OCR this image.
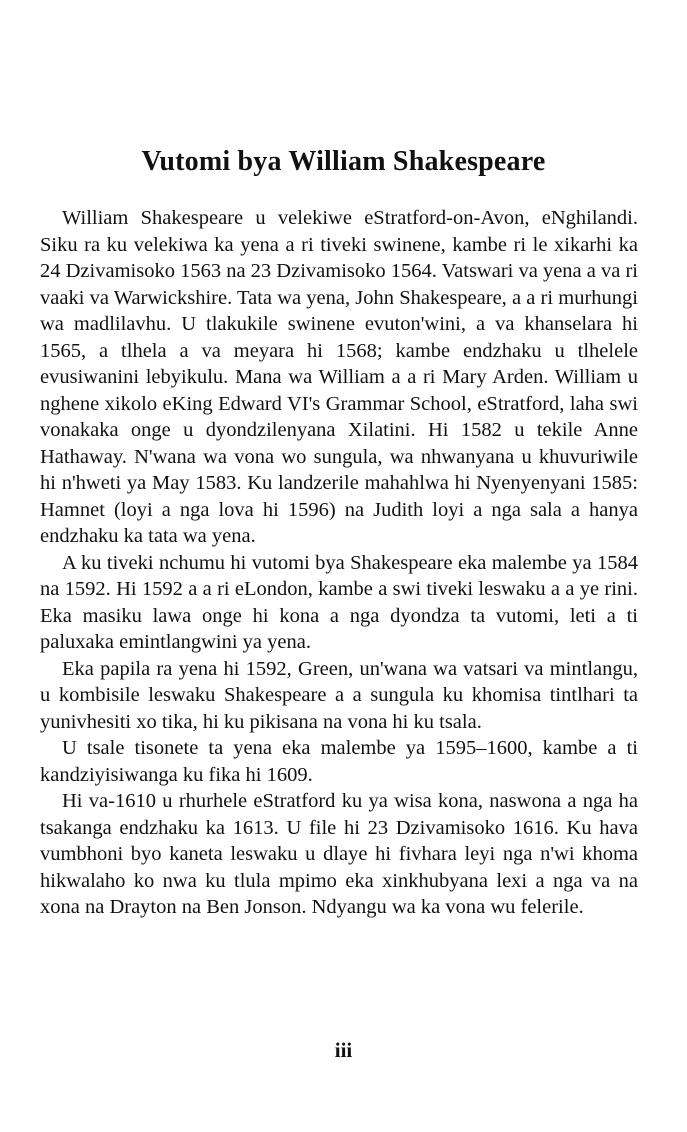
Vutomi bya William Shakespeare

William Shakespeare u velekiwe eStratford-on-Avon, eNghilandi. Siku ra ku velekiwa ka yena a ri tiveki swinene, kambe ri le xikarhi ka 24 Dzivamisoko 1563 na 23 Dzivamisoko 1564. Vatswari va yena a va ri vaaki va Warwickshire. Tata wa yena, John Shakespeare, a a ri murhungi wa madlilavhu. U tlakukile swinene evuton'wini, a va khanselara hi 1565, a tlhela a va meyara hi 1568; kambe endzhaku u tlhelele evusiwanini lebyikulu. Mana wa William a a ri Mary Arden. William u nghene xikolo eKing Edward VI's Grammar School, eStratford, laha swi vonakaka onge u dyondzilenyana Xilatini. Hi 1582 u tekile Anne Hathaway. N'wana wa vona wo sungula, wa nhwanyana u khuvuriwile hi n'hweti ya May 1583. Ku landzerile mahahlwa hi Nyenyenyani 1585: Hamnet (loyi a nga lova hi 1596) na Judith loyi a nga sala a hanya endzhaku ka tata wa yena.

A ku tiveki nchumu hi vutomi bya Shakespeare eka malembe ya 1584 na 1592. Hi 1592 a a ri eLondon, kambe a swi tiveki leswaku a a ye rini. Eka masiku lawa onge hi kona a nga dyondza ta vutomi, leti a ti paluxaka emintlangwini ya yena.

Eka papila ra yena hi 1592, Green, un'wana wa vatsari va mintlangu, u kombisile leswaku Shakespeare a a sungula ku khomisa tintlhari ta yunivhesiti xo tika, hi ku pikisana na vona hi ku tsala.

U tsale tisonete ta yena eka malembe ya 1595–1600, kambe a ti kandziyisiwanga ku fika hi 1609.

Hi va-1610 u rhurhele eStratford ku ya wisa kona, naswona a nga ha tsakanga endzhaku ka 1613. U file hi 23 Dzivamisoko 1616. Ku hava vumbhoni byo kaneta leswaku u dlaye hi fivhara leyi nga n'wi khoma hikwalaho ko nwa ku tlula mpimo eka xinkhubyana lexi a nga va na xona na Drayton na Ben Jonson. Ndyangu wa ka vona wu felerile.

iii
